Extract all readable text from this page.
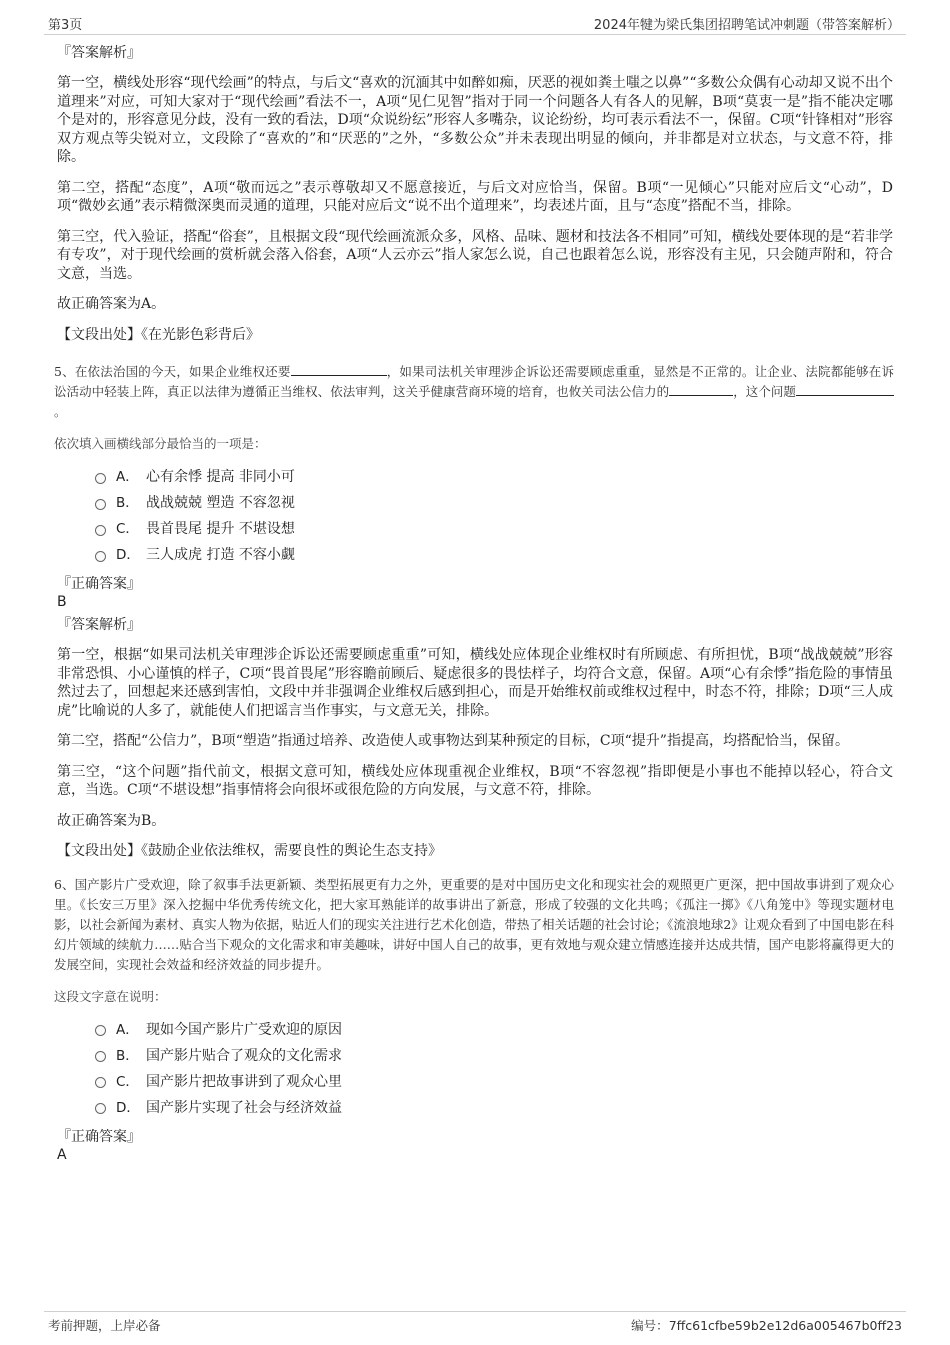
第3页	2024年犍为梁氏集团招聘笔试冲刺题（带答案解析）
『答案解析』

第一空，横线处形容“现代绘画”的特点，与后文“喜欢的沉湎其中如醉如痴，厌恶的视如粪土嗤之以鼻”“多数公众偶有心动却又说不出个道理来”对应，可知大家对于“现代绘画”看法不一，A项“见仁见智”指对于同一个问题各人有各人的见解，B项“莫衷一是”指不能决定哪个是对的，形容意见分歧，没有一致的看法，D项“众说纷纭”形容人多嘴杂，议论纷纷，均可表示看法不一，保留。C项“针锋相对”形容双方观点等尖锐对立，文段除了“喜欢的”和“厌恶的”之外，“多数公众”并未表现出明显的倾向，并非都是对立状态，与文意不符，排除。

第二空，搭配“态度”，A项“敬而远之”表示尊敬却又不愿意接近，与后文对应恰当，保留。B项“一见倾心”只能对应后文“心动”，D项“微妙玄通”表示精微深奥而灵通的道理，只能对应后文“说不出个道理来”，均表述片面，且与“态度”搭配不当，排除。

第三空，代入验证，搭配“俗套”，且根据文段“现代绘画流派众多，风格、品味、题材和技法各不相同”可知，横线处要体现的是“若非学有专攻”，对于现代绘画的赏析就会落入俗套，A项“人云亦云”指人家怎么说，自己也跟着怎么说，形容没有主见，只会随声附和，符合文意，当选。

故正确答案为A。

【文段出处】《在光影色彩背后》

5、在依法治国的今天，如果企业维权还要	，如果司法机关审理涉企诉讼还需要顾虑重重，显然是不正常的。让企业、法院都能够在诉讼活动中轻装上阵，真正以法律为遵循正当维权、依法审判，这关乎健康营商环境的培育，也攸关司法公信力的	，这个问题。
依次填入画横线部分最恰当的一项是：
A． 心有余悸 提高 非同小可
B． 战战兢兢 塑造 不容忽视
C． 畏首畏尾 提升 不堪设想
D． 三人成虎 打造 不容小觑
『正确答案』
B
『答案解析』

第一空，根据“如果司法机关审理涉企诉讼还需要顾虑重重”可知，横线处应体现企业维权时有所顾虑、有所担忧，B项“战战兢兢”形容非常恐惧、小心谨慎的样子，C项“畏首畏尾”形容瞻前顾后、疑虑很多的畏怯样子，均符合文意，保留。A项“心有余悸”指危险的事情虽然过去了，回想起来还感到害怕，文段中并非强调企业维权后感到担心，而是开始维权前或维权过程中，时态不符，排除；D项“三人成虎”比喻说的人多了，就能使人们把谣言当作事实，与文意无关，排除。

第二空，搭配“公信力”，B项“塑造”指通过培养、改造使人或事物达到某种预定的目标，C项“提升”指提高，均搭配恰当，保留。

第三空，“这个问题”指代前文，根据文意可知，横线处应体现重视企业维权，B项“不容忽视”指即便是小事也不能掉以轻心，符合文意，当选。C项“不堪设想”指事情将会向很坏或很危险的方向发展，与文意不符，排除。

故正确答案为B。

【文段出处】《鼓励企业依法维权，需要良性的舆论生态支持》

6、国产影片广受欢迎，除了叙事手法更新颖、类型拓展更有力之外，更重要的是对中国历史文化和现实社会的观照更广更深，把中国故事讲到了观众心里。《长安三万里》深入挖掘中华优秀传统文化，把大家耳熟能详的故事讲出了新意，形成了较强的文化共鸣；《孤注一掷》《八角笼中》等现实题材电影，以社会新闻为素材、真实人物为依据，贴近人们的现实关注进行艺术化创造，带热了相关话题的社会讨论；《流浪地球2》让观众看到了中国电影在科幻片领域的续航力……贴合当下观众的文化需求和审美趣味，讲好中国人自己的故事，更有效地与观众建立情感连接并达成共情，国产电影将赢得更大的发展空间，实现社会效益和经济效益的同步提升。
这段文字意在说明：
A． 现如今国产影片广受欢迎的原因
B． 国产影片贴合了观众的文化需求
C． 国产影片把故事讲到了观众心里
D． 国产影片实现了社会与经济效益
『正确答案』
A
考前押题，上岸必备	编号：7ffc61cfbe59b2e12d6a005467b0ff23
